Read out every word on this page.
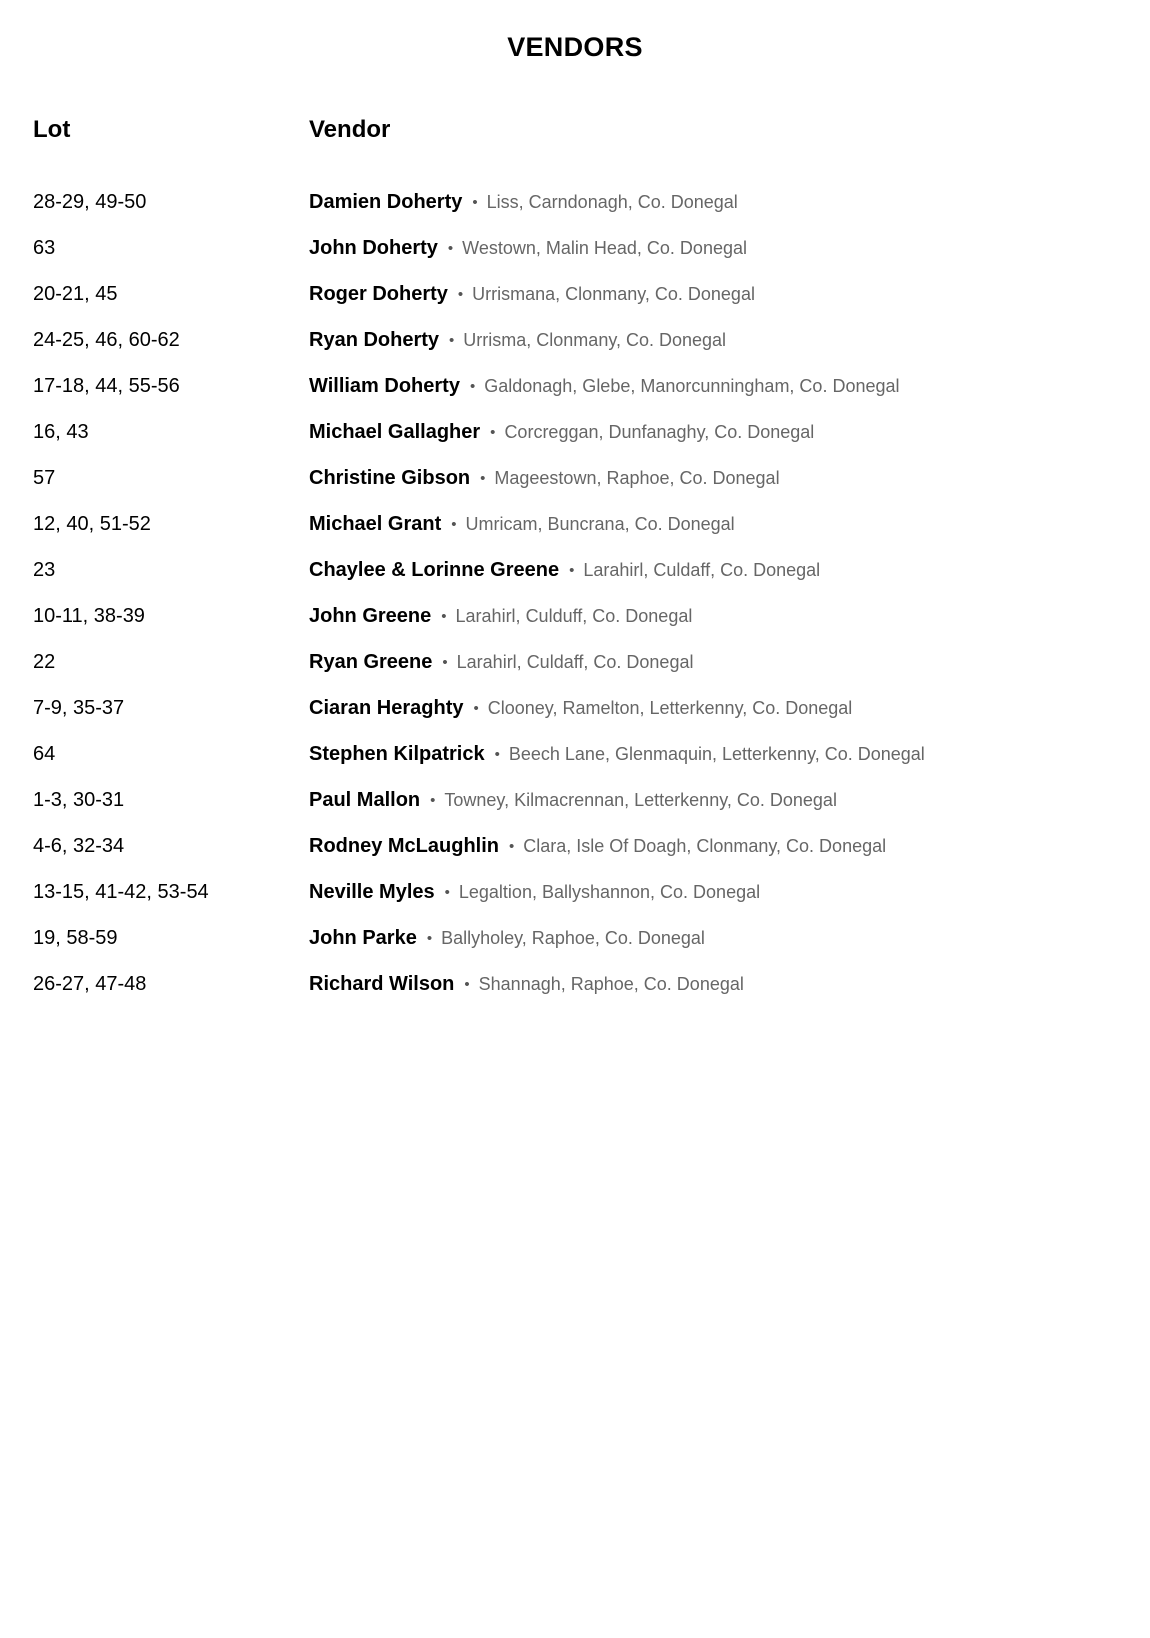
VENDORS
Lot	Vendor
28-29, 49-50	Damien Doherty • Liss, Carndonagh, Co. Donegal
63	John Doherty • Westown, Malin Head, Co. Donegal
20-21, 45	Roger Doherty • Urrismana, Clonmany, Co. Donegal
24-25, 46, 60-62	Ryan Doherty • Urrisma, Clonmany, Co. Donegal
17-18, 44, 55-56	William Doherty • Galdonagh, Glebe, Manorcunningham, Co. Donegal
16, 43	Michael Gallagher • Corcreggan, Dunfanaghy, Co. Donegal
57	Christine Gibson • Mageestown, Raphoe, Co. Donegal
12, 40, 51-52	Michael Grant • Umricam, Buncrana, Co. Donegal
23	Chaylee & Lorinne Greene • Larahirl, Culdaff, Co. Donegal
10-11, 38-39	John Greene • Larahirl, Culduff, Co. Donegal
22	Ryan Greene • Larahirl, Culdaff, Co. Donegal
7-9, 35-37	Ciaran Heraghty • Clooney, Ramelton, Letterkenny, Co. Donegal
64	Stephen Kilpatrick • Beech Lane, Glenmaquin, Letterkenny, Co. Donegal
1-3, 30-31	Paul Mallon • Towney, Kilmacrennan, Letterkenny, Co. Donegal
4-6, 32-34	Rodney McLaughlin • Clara, Isle Of Doagh, Clonmany, Co. Donegal
13-15, 41-42, 53-54	Neville Myles • Legaltion, Ballyshannon, Co. Donegal
19, 58-59	John Parke • Ballyholey, Raphoe, Co. Donegal
26-27, 47-48	Richard Wilson • Shannagh, Raphoe, Co. Donegal
